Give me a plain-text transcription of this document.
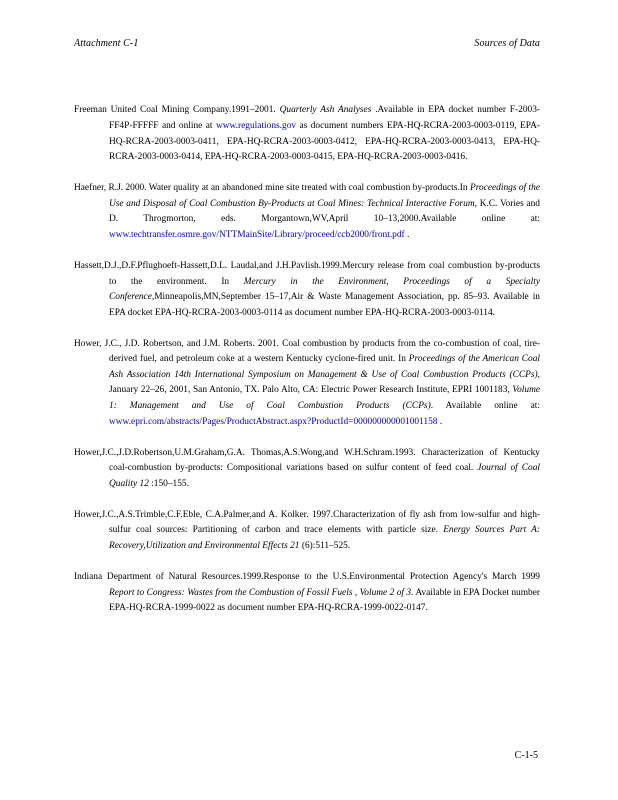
Attachment C-1	Sources of Data

Freeman United Coal Mining Company.1991–2001. Quarterly Ash Analyses .Available in EPA docket number F-2003-FF4P-FFFFF and online at www.regulations.gov as document numbers EPA-HQ-RCRA-2003-0003-0119, EPA-HQ-RCRA-2003-0003-0411, EPA-HQ-RCRA-2003-0003-0412, EPA-HQ-RCRA-2003-0003-0413, EPA-HQ-RCRA-2003-0003-0414, EPA-HQ-RCRA-2003-0003-0415, EPA-HQ-RCRA-2003-0003-0416.

Haefner, R.J. 2000. Water quality at an abandoned mine site treated with coal combustion by-products.In Proceedings of the Use and Disposal of Coal Combustion By-Products at Coal Mines: Technical Interactive Forum, K.C. Vories and D. Throgmorton, eds. Morgantown,WV,April 10–13,2000.Available online at: www.techtransfer.osmre.gov/NTTMainSite/Library/proceed/ccb2000/front.pdf .

Hassett,D.J.,D.F.Pflughoeft-Hassett,D.L. Laudal,and J.H.Pavlish.1999.Mercury release from coal combustion by-products to the environment. In Mercury in the Environment, Proceedings of a Specialty Conference,Minneapolis,MN,September 15–17,Air & Waste Management Association, pp. 85–93. Available in EPA docket EPA-HQ-RCRA-2003-0003-0114 as document number EPA-HQ-RCRA-2003-0003-0114.

Hower, J.C., J.D. Robertson, and J.M. Roberts. 2001. Coal combustion by products from the co-combustion of coal, tire-derived fuel, and petroleum coke at a western Kentucky cyclone-fired unit. In Proceedings of the American Coal Ash Association 14th International Symposium on Management & Use of Coal Combustion Products (CCPs), January 22–26, 2001, San Antonio, TX. Palo Alto, CA: Electric Power Research Institute, EPRI 1001183, Volume 1: Management and Use of Coal Combustion Products (CCPs). Available online at: www.epri.com/abstracts/Pages/ProductAbstract.aspx?ProductId=000000000001001158 .

Hower,J.C.,J.D.Robertson,U.M.Graham,G.A. Thomas,A.S.Wong,and W.H.Schram.1993. Characterization of Kentucky coal-combustion by-products: Compositional variations based on sulfur content of feed coal. Journal of Coal Quality 12 :150–155.

Hower,J.C.,A.S.Trimble,C.F.Eble, C.A.Palmer,and A. Kolker. 1997.Characterization of fly ash from low-sulfur and high-sulfur coal sources: Partitioning of carbon and trace elements with particle size. Energy Sources Part A: Recovery,Utilization and Environmental Effects 21 (6):511–525.

Indiana Department of Natural Resources.1999.Response to the U.S.Environmental Protection Agency's March 1999 Report to Congress: Wastes from the Combustion of Fossil Fuels , Volume 2 of 3. Available in EPA Docket number EPA-HQ-RCRA-1999-0022 as document number EPA-HQ-RCRA-1999-0022-0147.

C-1-5
